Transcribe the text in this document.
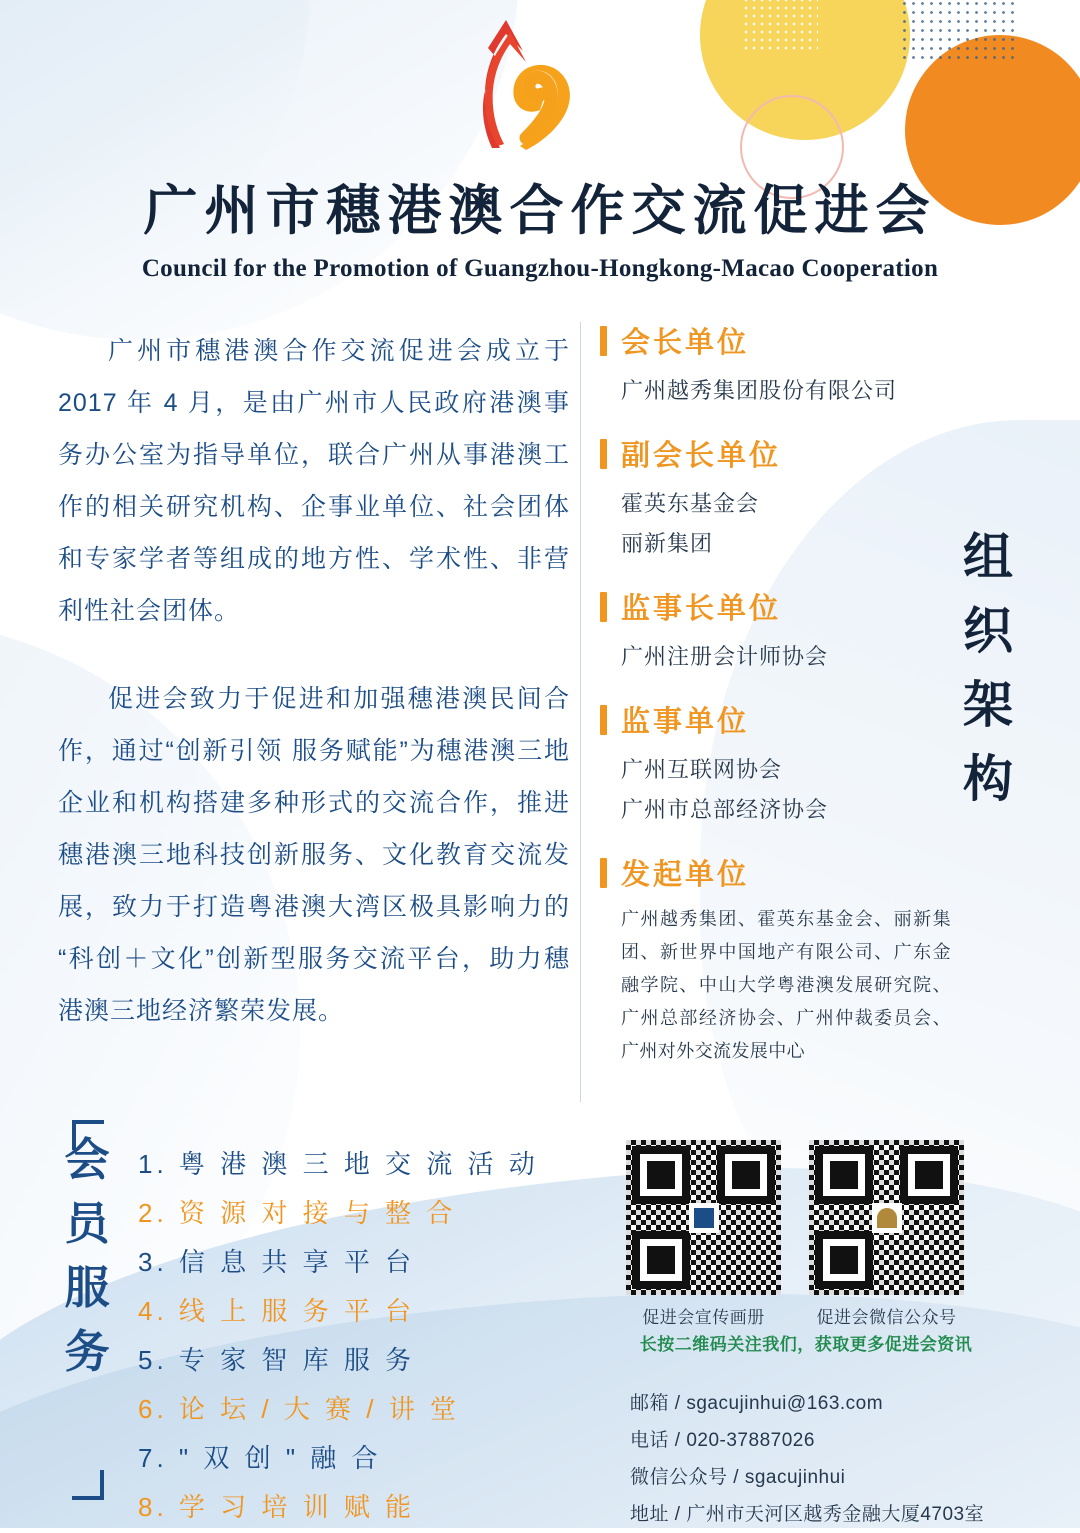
广州市穗港澳合作交流促进会
Council for the Promotion of Guangzhou-Hongkong-Macao Cooperation

广州市穗港澳合作交流促进会成立于 2017 年 4 月，是由广州市人民政府港澳事务办公室为指导单位，联合广州从事港澳工作的相关研究机构、企事业单位、社会团体和专家学者等组成的地方性、学术性、非营利性社会团体。

促进会致力于促进和加强穗港澳民间合作，通过“创新引领 服务赋能”为穗港澳三地企业和机构搭建多种形式的交流合作，推进穗港澳三地科技创新服务、文化教育交流发展，致力于打造粤港澳大湾区极具影响力的“科创＋文化”创新型服务交流平台，助力穗港澳三地经济繁荣发展。

会长单位
广州越秀集团股份有限公司
副会长单位
霍英东基金会
丽新集团
监事长单位
广州注册会计师协会
监事单位
广州互联网协会
广州市总部经济协会
发起单位
广州越秀集团、霍英东基金会、丽新集团、新世界中国地产有限公司、广东金融学院、中山大学粤港澳发展研究院、广州总部经济协会、广州仲裁委员会、广州对外交流发展中心
组
织
架
构
会
员
服
务
1. 粤 港 澳 三 地 交 流 活 动
2. 资 源 对 接 与 整 合
3. 信 息 共 享 平 台
4. 线 上 服 务 平 台
5. 专 家 智 库 服 务
6. 论 坛 / 大 赛 / 讲 堂
7. " 双 创 " 融 合
8. 学 习 培 训 赋 能
促进会宣传画册	促进会微信公众号
长按二维码关注我们，获取更多促进会资讯
邮箱 / sgacujinhui@163.com
电话 / 020-37887026
微信公众号 / sgacujinhui
地址 / 广州市天河区越秀金融大厦4703室
